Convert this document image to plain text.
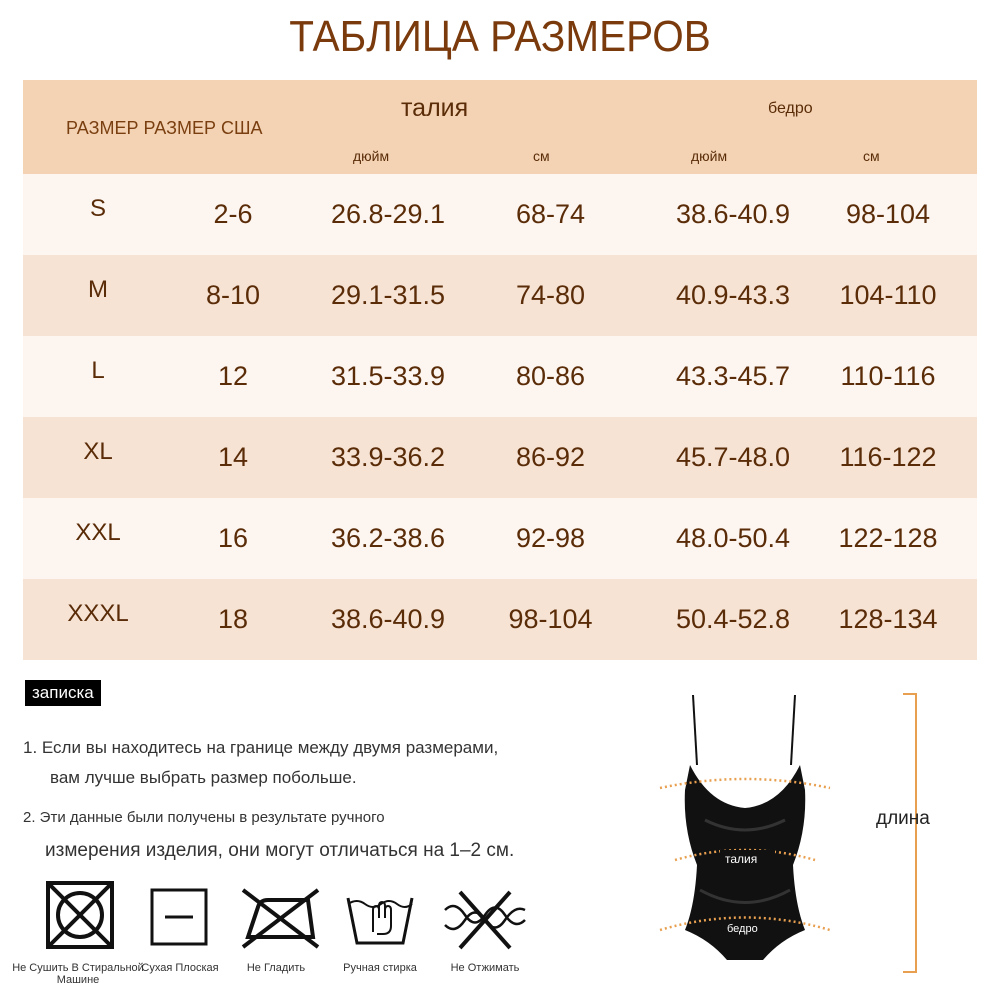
ТАБЛИЦА РАЗМЕРОВ
РАЗМЕР РАЗМЕР США
талия	бедро
дюйм	см	дюйм	см
S	2-6	26.8-29.1	68-74	38.6-40.9	98-104
M	8-10	29.1-31.5	74-80	40.9-43.3	104-110
L	12	31.5-33.9	80-86	43.3-45.7	110-116
XL	14	33.9-36.2	86-92	45.7-48.0	116-122
XXL	16	36.2-38.6	92-98	48.0-50.4	122-128
XXXL	18	38.6-40.9	98-104	50.4-52.8	128-134
записка
1. Если вы находитесь на границе между двумя размерами,
вам лучше выбрать размер побольше.
2. Эти данные были получены в результате ручного
измерения изделия, они могут отличаться на 1–2 см.
Не Сушить В Стиральной Машине
Сухая Плоская	Не Гладить	Ручная стирка	Не Отжимать
бюст
талия
бедро
длина
